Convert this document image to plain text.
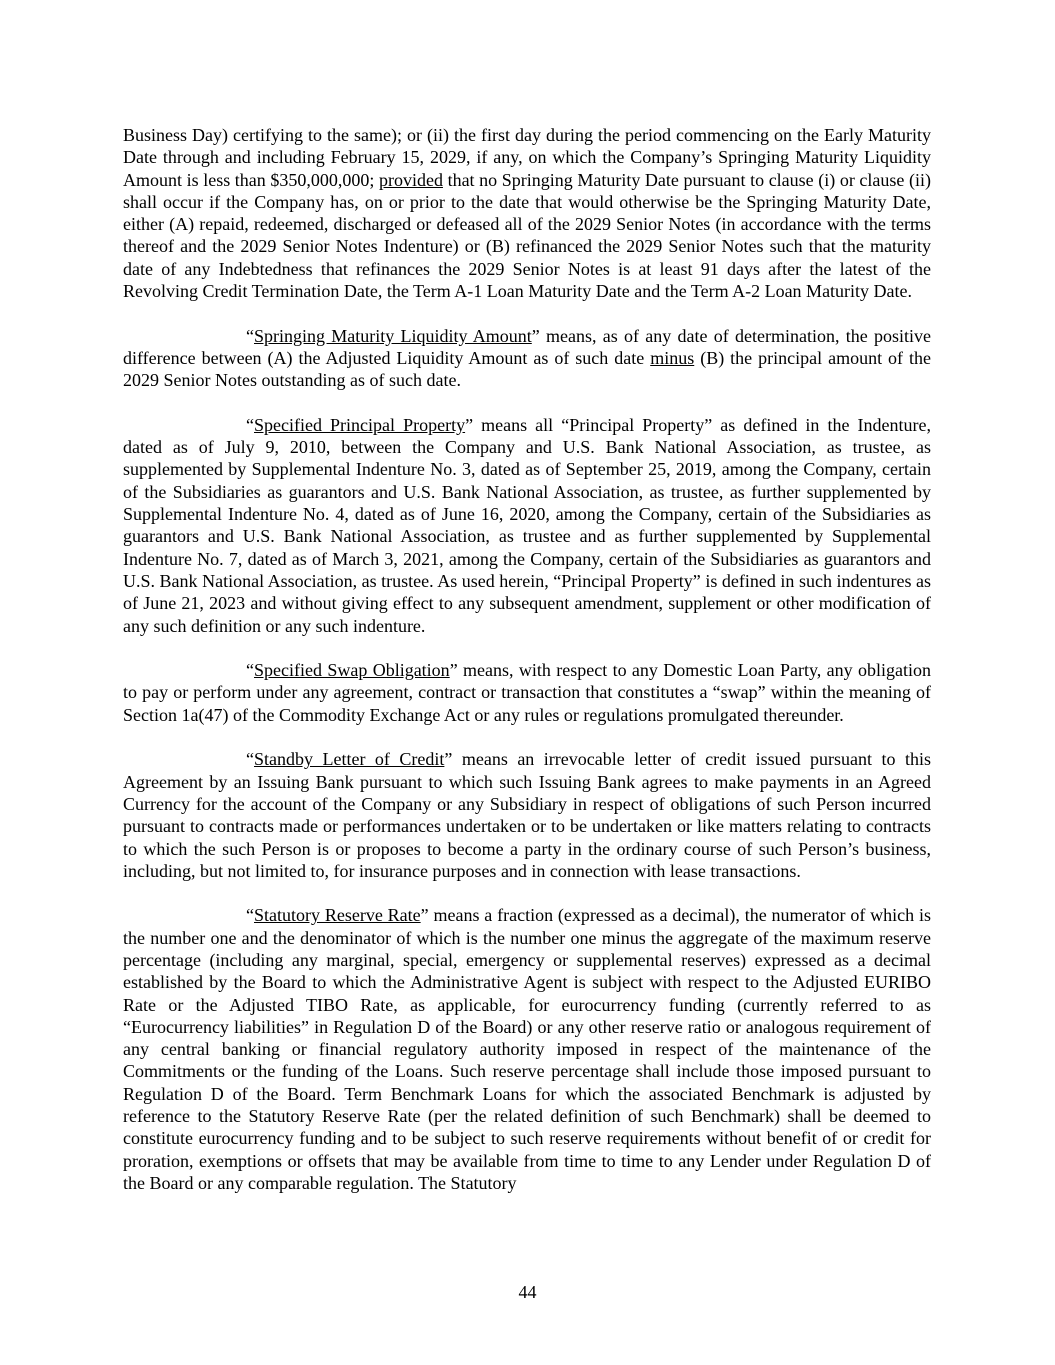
Business Day) certifying to the same); or (ii) the first day during the period commencing on the Early Maturity Date through and including February 15, 2029, if any, on which the Company’s Springing Maturity Liquidity Amount is less than $350,000,000; provided that no Springing Maturity Date pursuant to clause (i) or clause (ii) shall occur if the Company has, on or prior to the date that would otherwise be the Springing Maturity Date, either (A) repaid, redeemed, discharged or defeased all of the 2029 Senior Notes (in accordance with the terms thereof and the 2029 Senior Notes Indenture) or (B) refinanced the 2029 Senior Notes such that the maturity date of any Indebtedness that refinances the 2029 Senior Notes is at least 91 days after the latest of the Revolving Credit Termination Date, the Term A-1 Loan Maturity Date and the Term A-2 Loan Maturity Date.

“Springing Maturity Liquidity Amount” means, as of any date of determination, the positive difference between (A) the Adjusted Liquidity Amount as of such date minus (B) the principal amount of the 2029 Senior Notes outstanding as of such date.

“Specified Principal Property” means all “Principal Property” as defined in the Indenture, dated as of July 9, 2010, between the Company and U.S. Bank National Association, as trustee, as supplemented by Supplemental Indenture No. 3, dated as of September 25, 2019, among the Company, certain of the Subsidiaries as guarantors and U.S. Bank National Association, as trustee, as further supplemented by Supplemental Indenture No. 4, dated as of June 16, 2020, among the Company, certain of the Subsidiaries as guarantors and U.S. Bank National Association, as trustee and as further supplemented by Supplemental Indenture No. 7, dated as of March 3, 2021, among the Company, certain of the Subsidiaries as guarantors and U.S. Bank National Association, as trustee. As used herein, “Principal Property” is defined in such indentures as of June 21, 2023 and without giving effect to any subsequent amendment, supplement or other modification of any such definition or any such indenture.

“Specified Swap Obligation” means, with respect to any Domestic Loan Party, any obligation to pay or perform under any agreement, contract or transaction that constitutes a “swap” within the meaning of Section 1a(47) of the Commodity Exchange Act or any rules or regulations promulgated thereunder.

“Standby Letter of Credit” means an irrevocable letter of credit issued pursuant to this Agreement by an Issuing Bank pursuant to which such Issuing Bank agrees to make payments in an Agreed Currency for the account of the Company or any Subsidiary in respect of obligations of such Person incurred pursuant to contracts made or performances undertaken or to be undertaken or like matters relating to contracts to which the such Person is or proposes to become a party in the ordinary course of such Person’s business, including, but not limited to, for insurance purposes and in connection with lease transactions.

“Statutory Reserve Rate” means a fraction (expressed as a decimal), the numerator of which is the number one and the denominator of which is the number one minus the aggregate of the maximum reserve percentage (including any marginal, special, emergency or supplemental reserves) expressed as a decimal established by the Board to which the Administrative Agent is subject with respect to the Adjusted EURIBO Rate or the Adjusted TIBO Rate, as applicable, for eurocurrency funding (currently referred to as “Eurocurrency liabilities” in Regulation D of the Board) or any other reserve ratio or analogous requirement of any central banking or financial regulatory authority imposed in respect of the maintenance of the Commitments or the funding of the Loans. Such reserve percentage shall include those imposed pursuant to Regulation D of the Board. Term Benchmark Loans for which the associated Benchmark is adjusted by reference to the Statutory Reserve Rate (per the related definition of such Benchmark) shall be deemed to constitute eurocurrency funding and to be subject to such reserve requirements without benefit of or credit for proration, exemptions or offsets that may be available from time to time to any Lender under Regulation D of the Board or any comparable regulation. The Statutory

44
